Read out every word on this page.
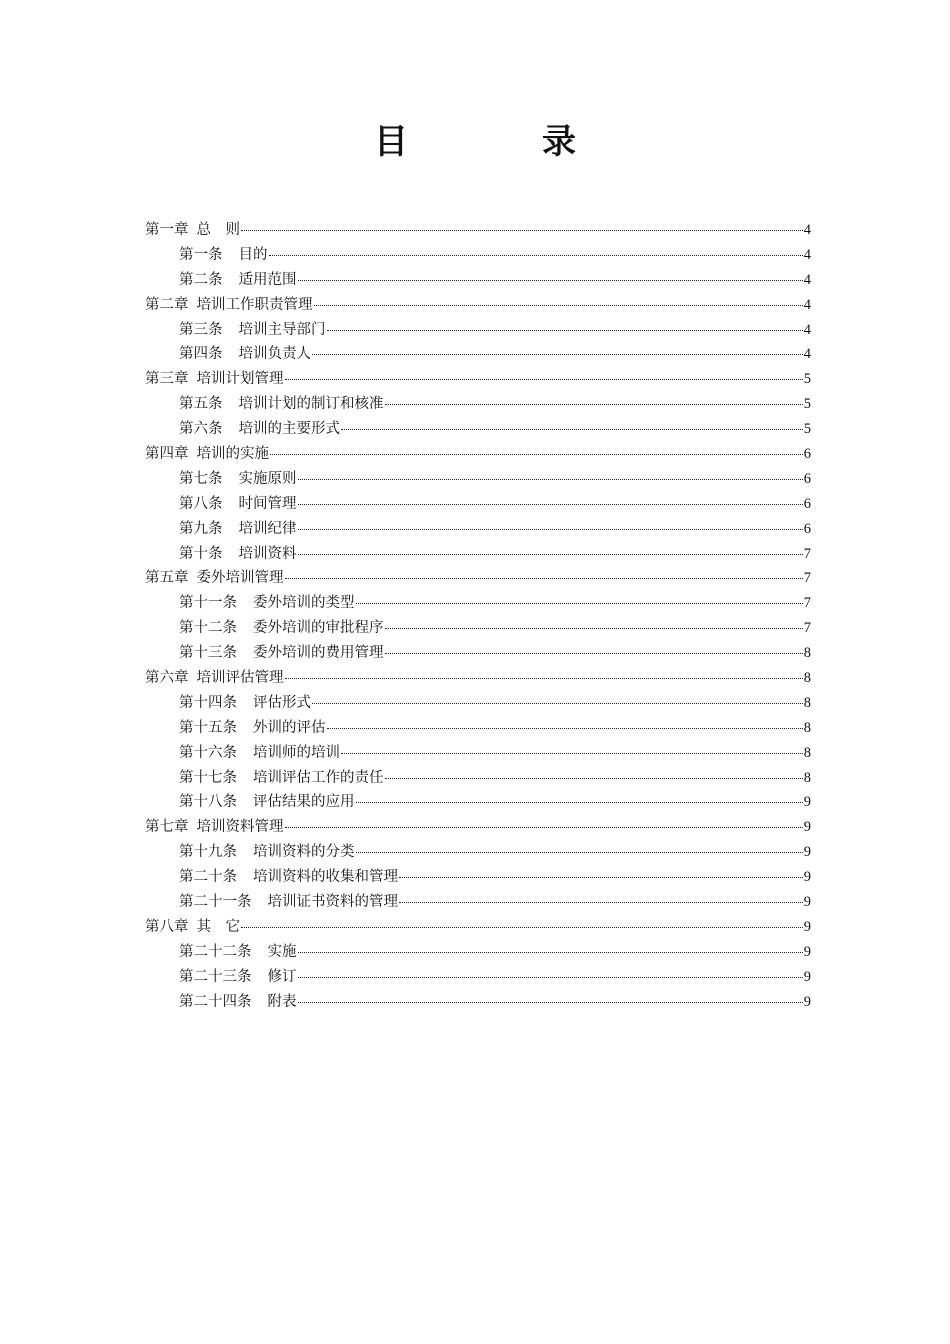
目　录
第一章 总　则	4
第一条 目的	4
第二条 适用范围	4
第二章 培训工作职责管理	4
第三条 培训主导部门	4
第四条 培训负责人	4
第三章 培训计划管理	5
第五条 培训计划的制订和核准	5
第六条 培训的主要形式	5
第四章 培训的实施	6
第七条 实施原则	6
第八条 时间管理	6
第九条 培训纪律	6
第十条 培训资料	7
第五章 委外培训管理	7
第十一条 委外培训的类型	7
第十二条 委外培训的审批程序	7
第十三条 委外培训的费用管理	8
第六章 培训评估管理	8
第十四条 评估形式	8
第十五条 外训的评估	8
第十六条 培训师的培训	8
第十七条 培训评估工作的责任	8
第十八条 评估结果的应用	9
第七章 培训资料管理	9
第十九条 培训资料的分类	9
第二十条 培训资料的收集和管理	9
第二十一条 培训证书资料的管理	9
第八章 其　它	9
第二十二条 实施	9
第二十三条 修订	9
第二十四条 附表	9
